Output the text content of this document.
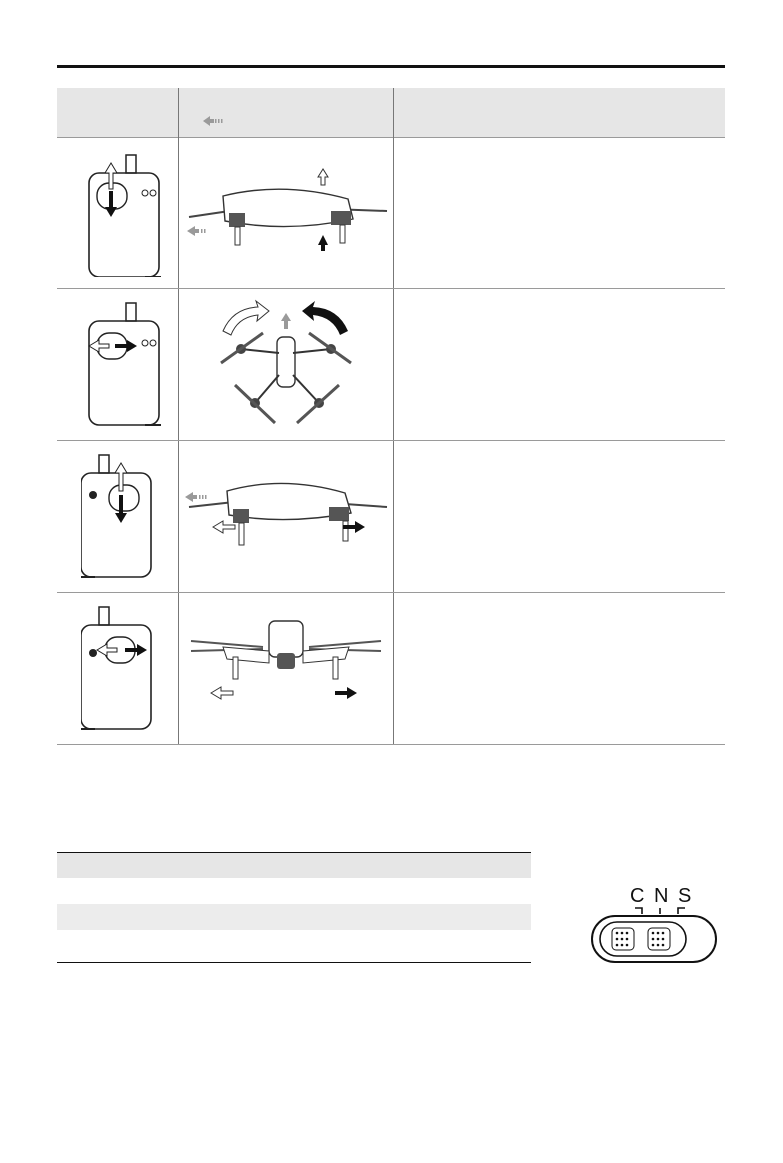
C N S
